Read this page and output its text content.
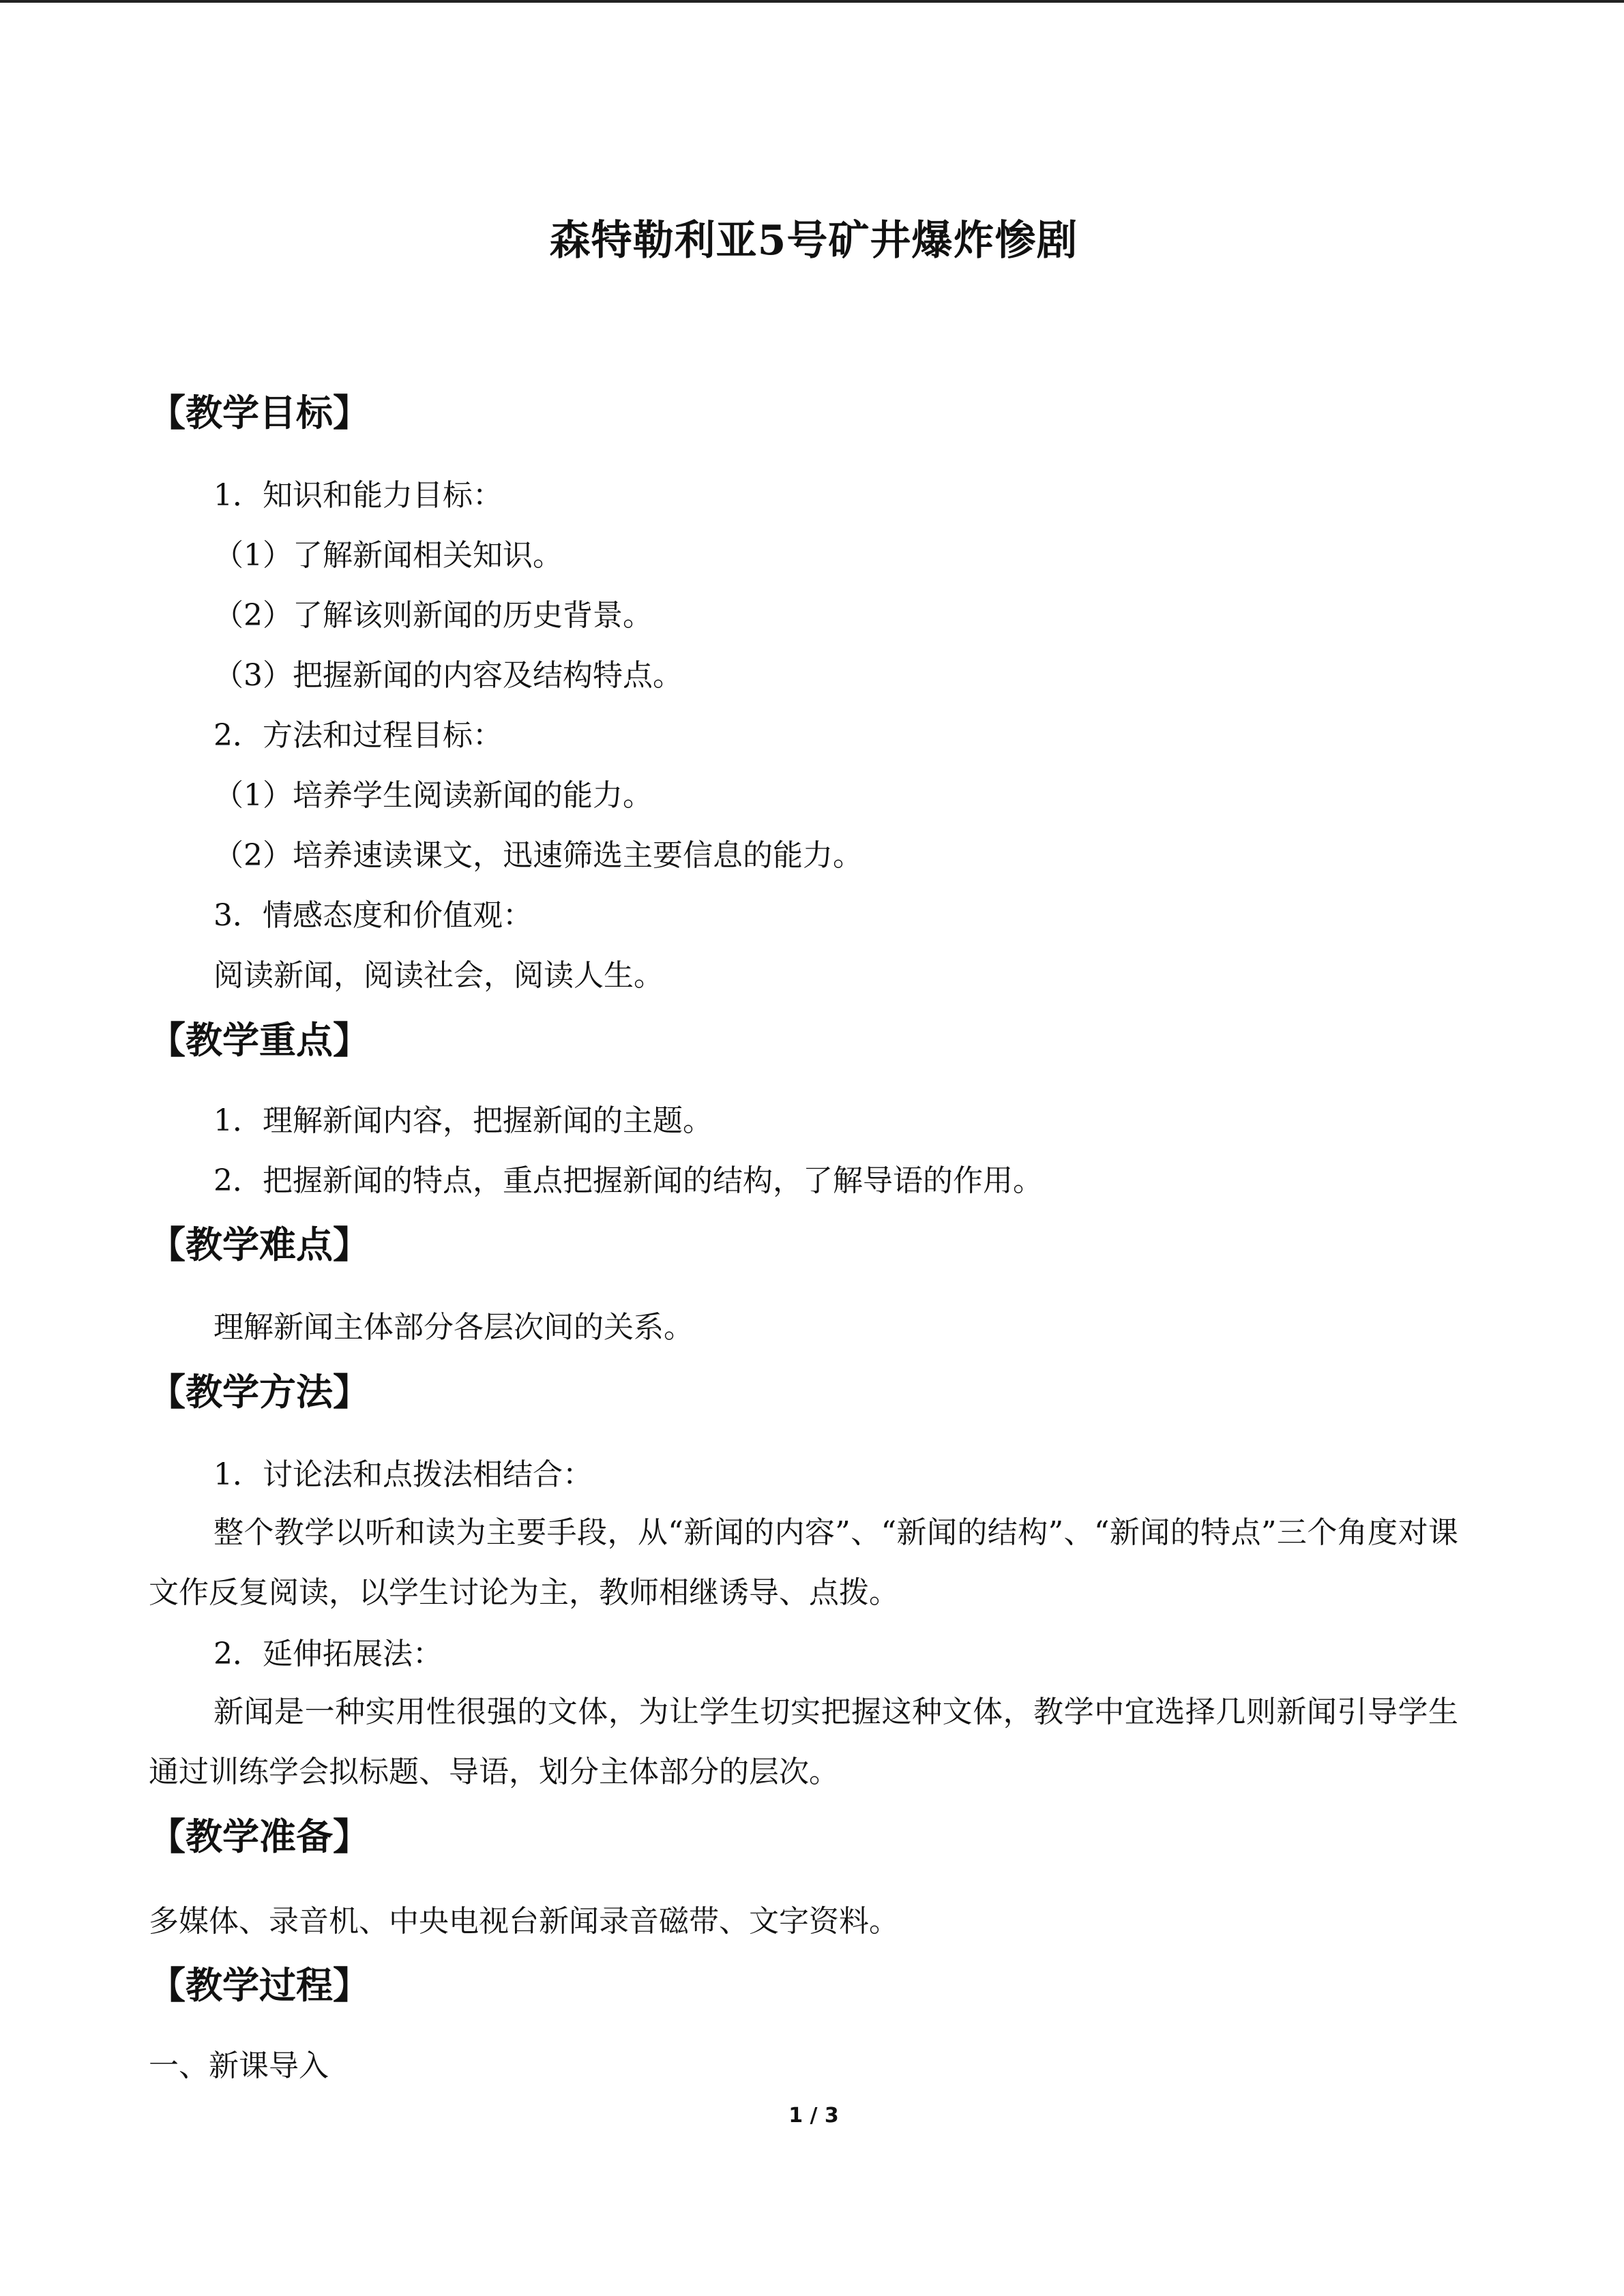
森特勒利亚5号矿井爆炸惨剧
【教学目标】
1．知识和能力目标：
（1）了解新闻相关知识。
（2）了解该则新闻的历史背景。
（3）把握新闻的内容及结构特点。
2．方法和过程目标：
（1）培养学生阅读新闻的能力。
（2）培养速读课文，迅速筛选主要信息的能力。
3．情感态度和价值观：
阅读新闻，阅读社会，阅读人生。
【教学重点】
1．理解新闻内容，把握新闻的主题。
2．把握新闻的特点，重点把握新闻的结构，了解导语的作用。
【教学难点】
理解新闻主体部分各层次间的关系。
【教学方法】
1．讨论法和点拨法相结合：
整个教学以听和读为主要手段，从“新闻的内容”、“新闻的结构”、“新闻的特点”三个角度对课文作反复阅读，以学生讨论为主，教师相继诱导、点拨。
2．延伸拓展法：
新闻是一种实用性很强的文体，为让学生切实把握这种文体，教学中宜选择几则新闻引导学生通过训练学会拟标题、导语，划分主体部分的层次。
【教学准备】
多媒体、录音机、中央电视台新闻录音磁带、文字资料。
【教学过程】
一、新课导入
1 / 3
